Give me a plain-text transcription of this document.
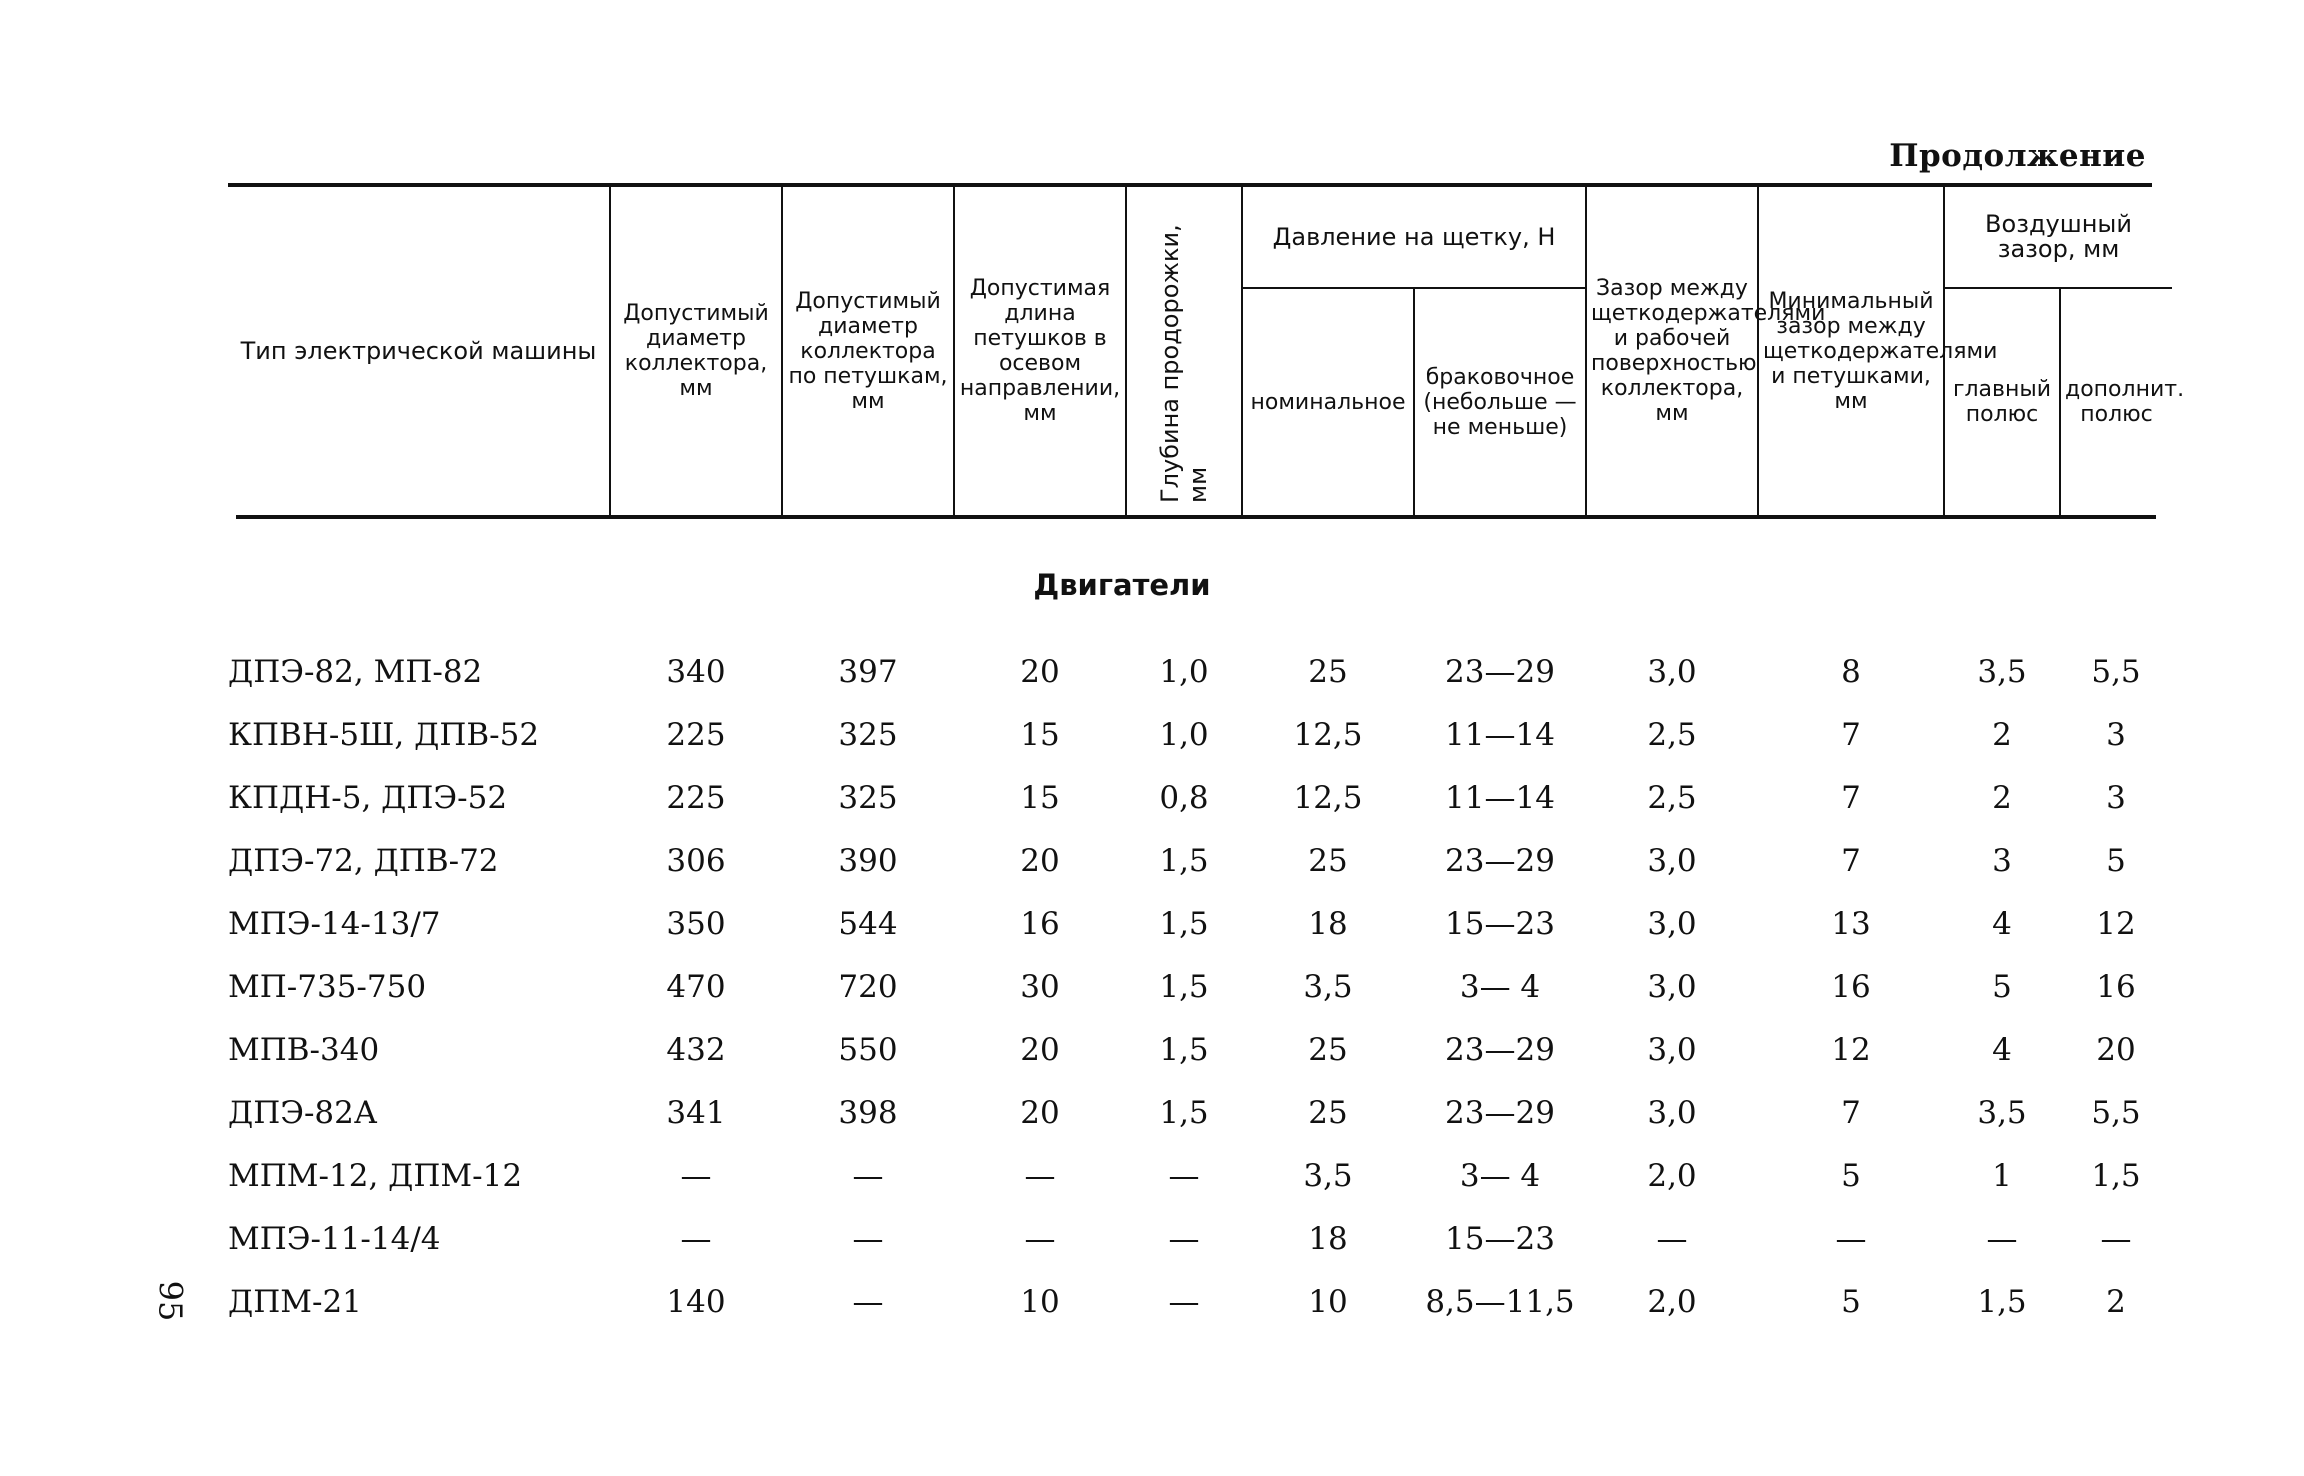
Продолжение
Тип электрической машины	Допустимый диаметр коллектора, мм	Допустимый диаметр коллектора по петушкам, мм	Допустимая длина петушков в осевом направлении, мм	Глубина продорожки, мм	Давление на щетку, Н		Зазор между щеткодержателями и рабочей поверхностью коллектора, мм	Минимальный зазор между щеткодержателями и петушками, мм	Воздушный зазор, мм	
					номинальное	браковочное (небольше — не меньше)			главный полюс	дополнит. полюс
Двигатели
ДПЭ-82, МП-82	340	397	20	1,0	25	23—29	3,0	8	3,5	5,5
КПВН-5Ш, ДПВ-52	225	325	15	1,0	12,5	11—14	2,5	7	2	3
КПДН-5, ДПЭ-52	225	325	15	0,8	12,5	11—14	2,5	7	2	3
ДПЭ-72, ДПВ-72	306	390	20	1,5	25	23—29	3,0	7	3	5
МПЭ-14-13/7	350	544	16	1,5	18	15—23	3,0	13	4	12
МП-735-750	470	720	30	1,5	3,5	3— 4	3,0	16	5	16
МПВ-340	432	550	20	1,5	25	23—29	3,0	12	4	20
ДПЭ-82А	341	398	20	1,5	25	23—29	3,0	7	3,5	5,5
МПМ-12, ДПМ-12	—	—	—	—	3,5	3— 4	2,0	5	1	1,5
МПЭ-11-14/4	—	—	—	—	18	15—23	—	—	—	—
ДПМ-21	140	—	10	—	10	8,5—11,5	2,0	5	1,5	2
95
